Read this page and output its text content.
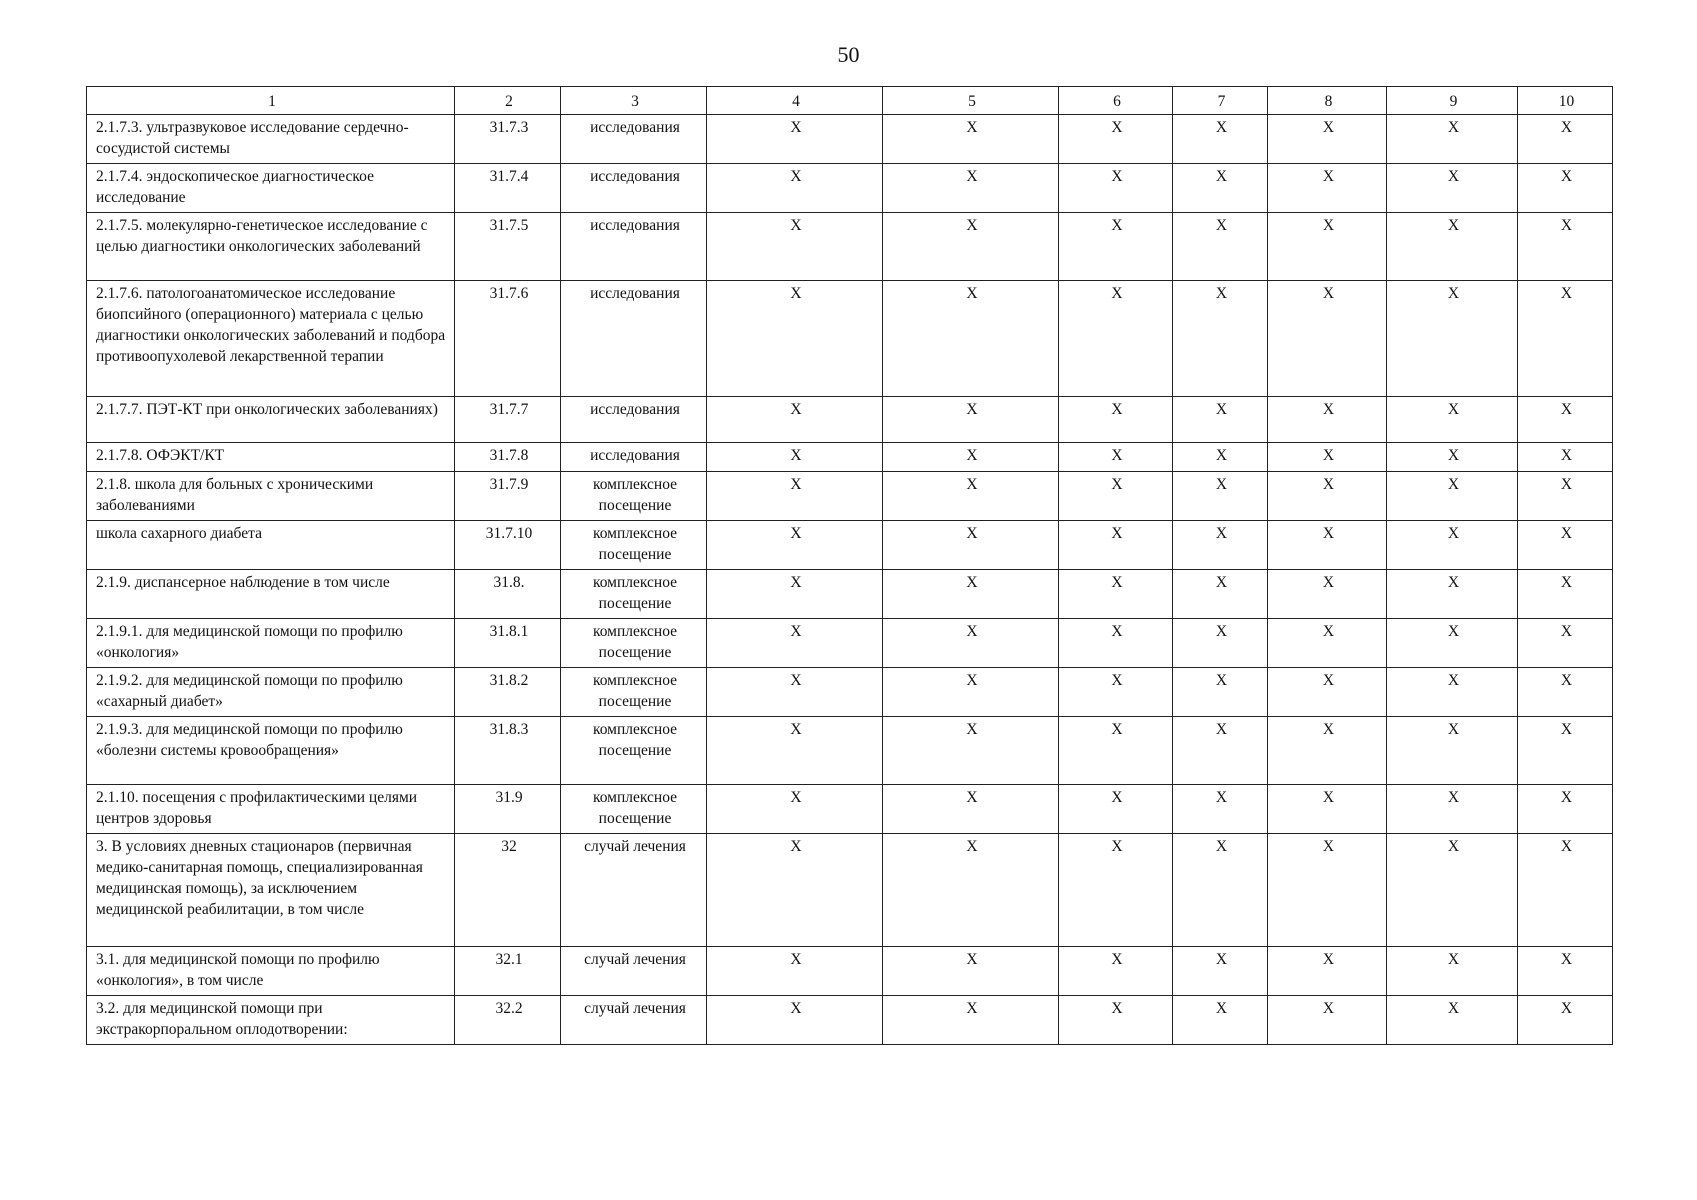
50
1	2	3	4	5	6	7	8	9	10
2.1.7.3. ультразвуковое исследование сердечно-сосудистой системы	31.7.3	исследования	Х	Х	Х	Х	Х	Х	Х
2.1.7.4. эндоскопическое диагностическое исследование	31.7.4	исследования	Х	Х	Х	Х	Х	Х	Х
2.1.7.5. молекулярно-генетическое исследование с целью диагностики онкологических заболеваний	31.7.5	исследования	Х	Х	Х	Х	Х	Х	Х
2.1.7.6. патологоанатомическое исследование биопсийного (операционного) материала с целью диагностики онкологических заболеваний и подбора противоопухолевой лекарственной терапии	31.7.6	исследования	Х	Х	Х	Х	Х	Х	Х
2.1.7.7. ПЭТ-КТ при онкологических заболеваниях)	31.7.7	исследования	Х	Х	Х	Х	Х	Х	Х
2.1.7.8. ОФЭКТ/КТ	31.7.8	исследования	Х	Х	Х	Х	Х	Х	Х
2.1.8. школа для больных с хроническими заболеваниями	31.7.9	комплексное посещение	Х	Х	Х	Х	Х	Х	Х
школа сахарного диабета	31.7.10	комплексное посещение	Х	Х	Х	Х	Х	Х	Х
2.1.9. диспансерное наблюдение в том числе	31.8.	комплексное посещение	Х	Х	Х	Х	Х	Х	Х
2.1.9.1. для медицинской помощи по профилю «онкология»	31.8.1	комплексное посещение	Х	Х	Х	Х	Х	Х	Х
2.1.9.2. для медицинской помощи по профилю «сахарный диабет»	31.8.2	комплексное посещение	Х	Х	Х	Х	Х	Х	Х
2.1.9.3. для медицинской помощи по профилю «болезни системы кровообращения»	31.8.3	комплексное посещение	Х	Х	Х	Х	Х	Х	Х
2.1.10. посещения с профилактическими целями центров здоровья	31.9	комплексное посещение	Х	Х	Х	Х	Х	Х	Х
3. В условиях дневных стационаров (первичная медико-санитарная помощь, специализированная медицинская помощь), за исключением медицинской реабилитации, в том числе	32	случай лечения	Х	Х	Х	Х	Х	Х	Х
3.1. для медицинской помощи по профилю «онкология», в том числе	32.1	случай лечения	Х	Х	Х	Х	Х	Х	Х
3.2. для медицинской помощи при экстракорпоральном оплодотворении:	32.2	случай лечения	Х	Х	Х	Х	Х	Х	Х
